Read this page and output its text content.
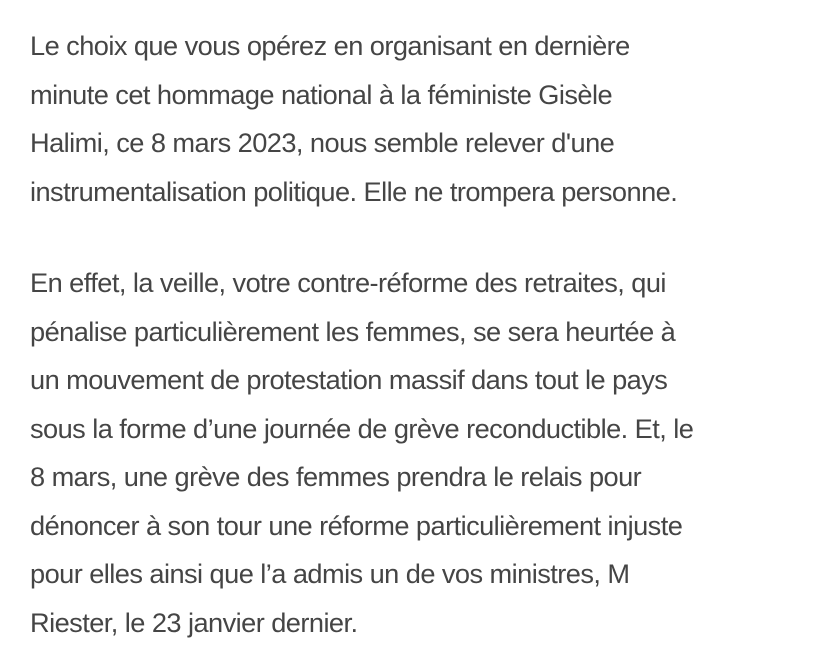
Le choix que vous opérez en organisant en dernière
minute cet hommage national à la féministe Gisèle
Halimi, ce 8 mars 2023, nous semble relever d'une
instrumentalisation politique. Elle ne trompera personne.

En effet, la veille, votre contre-réforme des retraites, qui
pénalise particulièrement les femmes, se sera heurtée à
un mouvement de protestation massif dans tout le pays
sous la forme d’une journée de grève reconductible. Et, le
8 mars, une grève des femmes prendra le relais pour
dénoncer à son tour une réforme particulièrement injuste
pour elles ainsi que l’a admis un de vos ministres, M
Riester, le 23 janvier dernier.
